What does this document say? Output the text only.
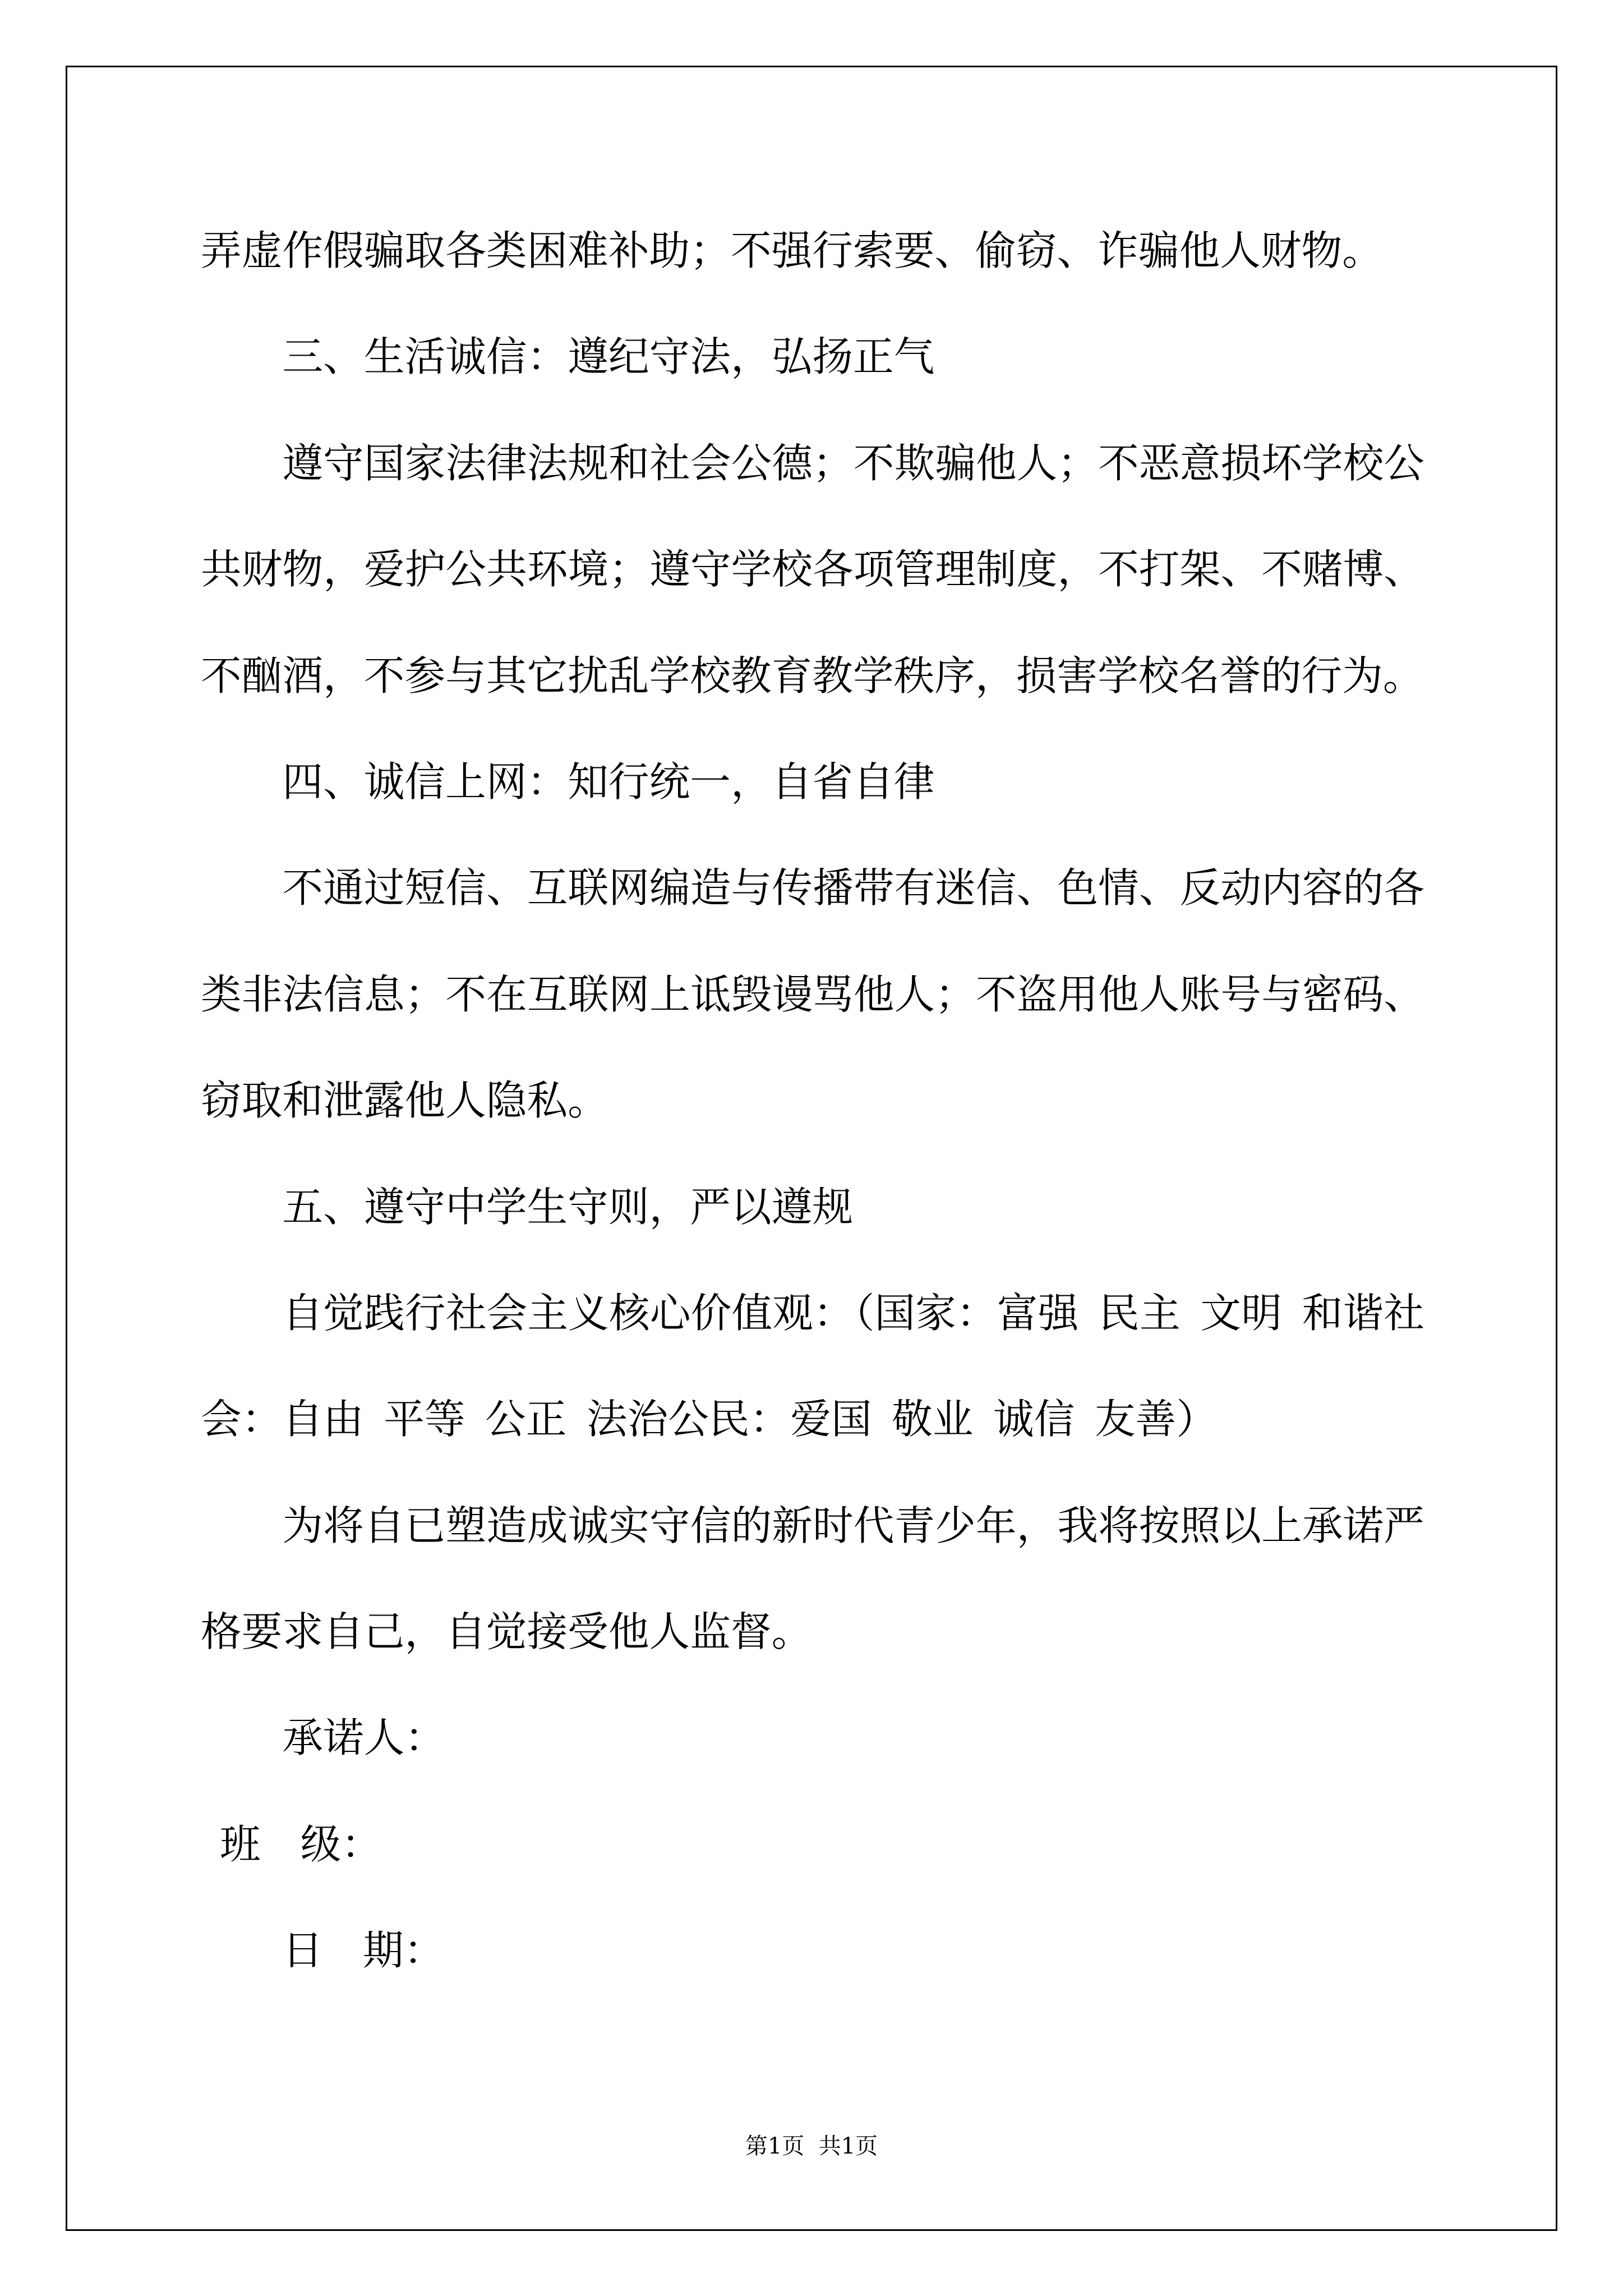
弄虚作假骗取各类困难补助；不强行索要、偷窃、诈骗他人财物。

三、生活诚信：遵纪守法，弘扬正气

遵守国家法律法规和社会公德；不欺骗他人；不恶意损坏学校公

共财物，爱护公共环境；遵守学校各项管理制度，不打架、不赌博、

不酗酒，不参与其它扰乱学校教育教学秩序，损害学校名誉的行为。

四、诚信上网：知行统一，自省自律

不通过短信、互联网编造与传播带有迷信、色情、反动内容的各

类非法信息；不在互联网上诋毁谩骂他人；不盗用他人账号与密码、

窃取和泄露他人隐私。

五、遵守中学生守则，严以遵规

自觉践行社会主义核心价值观：（国家：富强 民主 文明 和谐社

会：自由 平等 公正 法治公民：爱国 敬业 诚信 友善）

为将自已塑造成诚实守信的新时代青少年，我将按照以上承诺严

格要求自己，自觉接受他人监督。

承诺人：

班  级：

日  期：

第1页  共1页
